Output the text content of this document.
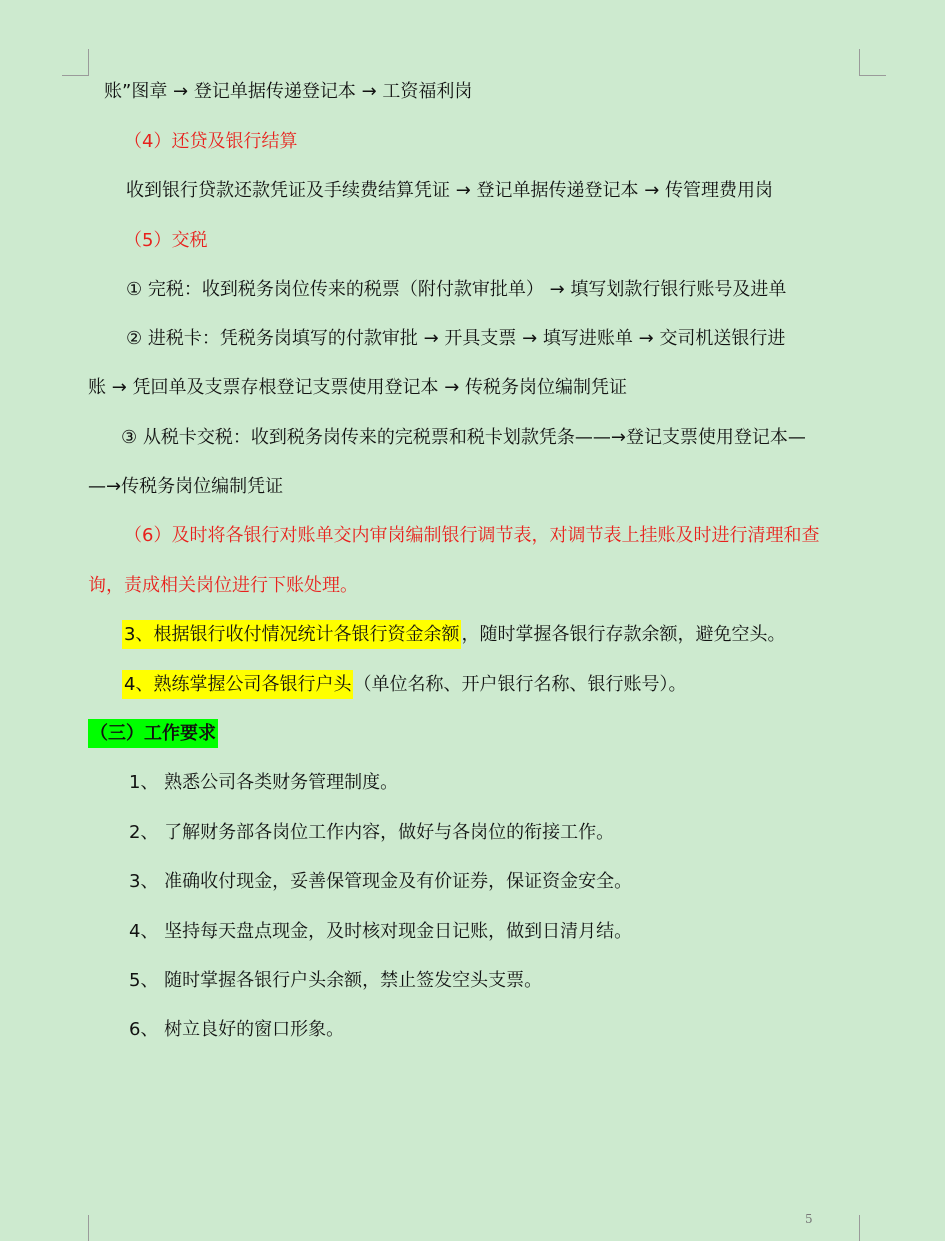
账”图章 → 登记单据传递登记本 → 工资福利岗
（4）还贷及银行结算
收到银行贷款还款凭证及手续费结算凭证 → 登记单据传递登记本 → 传管理费用岗
（5）交税
① 完税：收到税务岗位传来的税票（附付款审批单） → 填写划款行银行账号及进单
② 进税卡：凭税务岗填写的付款审批 → 开具支票 → 填写进账单 → 交司机送银行进
账 → 凭回单及支票存根登记支票使用登记本 → 传税务岗位编制凭证
③ 从税卡交税：收到税务岗传来的完税票和税卡划款凭条——→登记支票使用登记本—
—→传税务岗位编制凭证
（6）及时将各银行对账单交内审岗编制银行调节表，对调节表上挂账及时进行清理和查
询，责成相关岗位进行下账处理。
3、根据银行收付情况统计各银行资金余额 ，随时掌握各银行存款余额，避免空头。
4、熟练掌握公司各银行户头 （单位名称、开户银行名称、银行账号）。
（三）工作要求
1、 熟悉公司各类财务管理制度。
2、 了解财务部各岗位工作内容，做好与各岗位的衔接工作。
3、 准确收付现金，妥善保管现金及有价证券，保证资金安全。
4、 坚持每天盘点现金，及时核对现金日记账，做到日清月结。
5、 随时掌握各银行户头余额，禁止签发空头支票。
6、 树立良好的窗口形象。
5
